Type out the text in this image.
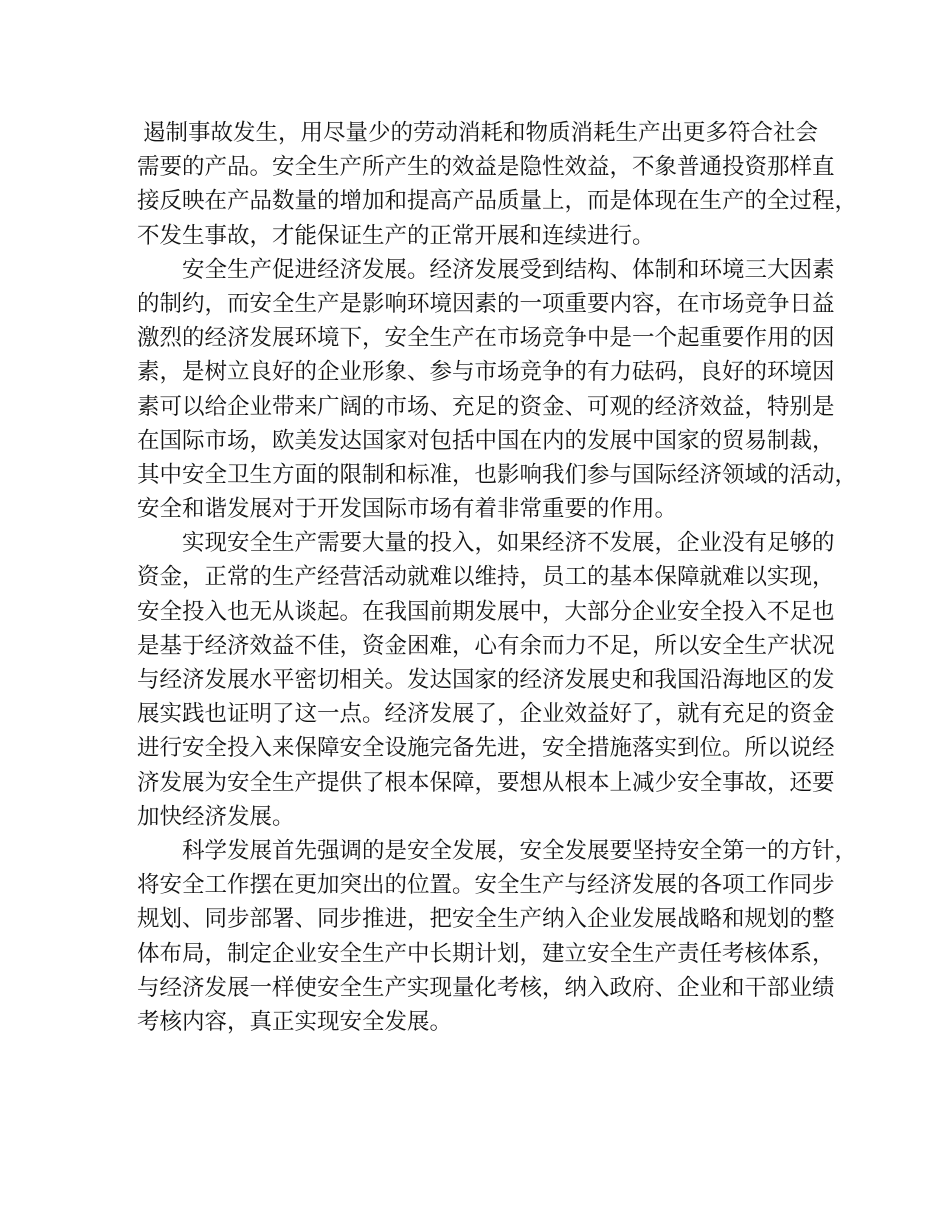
遏制事故发生，用尽量少的劳动消耗和物质消耗生产出更多符合社会
需要的产品。安全生产所产生的效益是隐性效益，不象普通投资那样直
接反映在产品数量的增加和提高产品质量上，而是体现在生产的全过程，
不发生事故，才能保证生产的正常开展和连续进行。
安全生产促进经济发展。经济发展受到结构、体制和环境三大因素
的制约，而安全生产是影响环境因素的一项重要内容，在市场竞争日益
激烈的经济发展环境下，安全生产在市场竞争中是一个起重要作用的因
素，是树立良好的企业形象、参与市场竞争的有力砝码，良好的环境因
素可以给企业带来广阔的市场、充足的资金、可观的经济效益，特别是
在国际市场，欧美发达国家对包括中国在内的发展中国家的贸易制裁，
其中安全卫生方面的限制和标准，也影响我们参与国际经济领域的活动，
安全和谐发展对于开发国际市场有着非常重要的作用。
实现安全生产需要大量的投入，如果经济不发展，企业没有足够的
资金，正常的生产经营活动就难以维持，员工的基本保障就难以实现，
安全投入也无从谈起。在我国前期发展中，大部分企业安全投入不足也
是基于经济效益不佳，资金困难，心有余而力不足，所以安全生产状况
与经济发展水平密切相关。发达国家的经济发展史和我国沿海地区的发
展实践也证明了这一点。经济发展了，企业效益好了，就有充足的资金
进行安全投入来保障安全设施完备先进，安全措施落实到位。所以说经
济发展为安全生产提供了根本保障，要想从根本上减少安全事故，还要
加快经济发展。
科学发展首先强调的是安全发展，安全发展要坚持安全第一的方针，
将安全工作摆在更加突出的位置。安全生产与经济发展的各项工作同步
规划、同步部署、同步推进，把安全生产纳入企业发展战略和规划的整
体布局，制定企业安全生产中长期计划，建立安全生产责任考核体系，
与经济发展一样使安全生产实现量化考核，纳入政府、企业和干部业绩
考核内容，真正实现安全发展。
